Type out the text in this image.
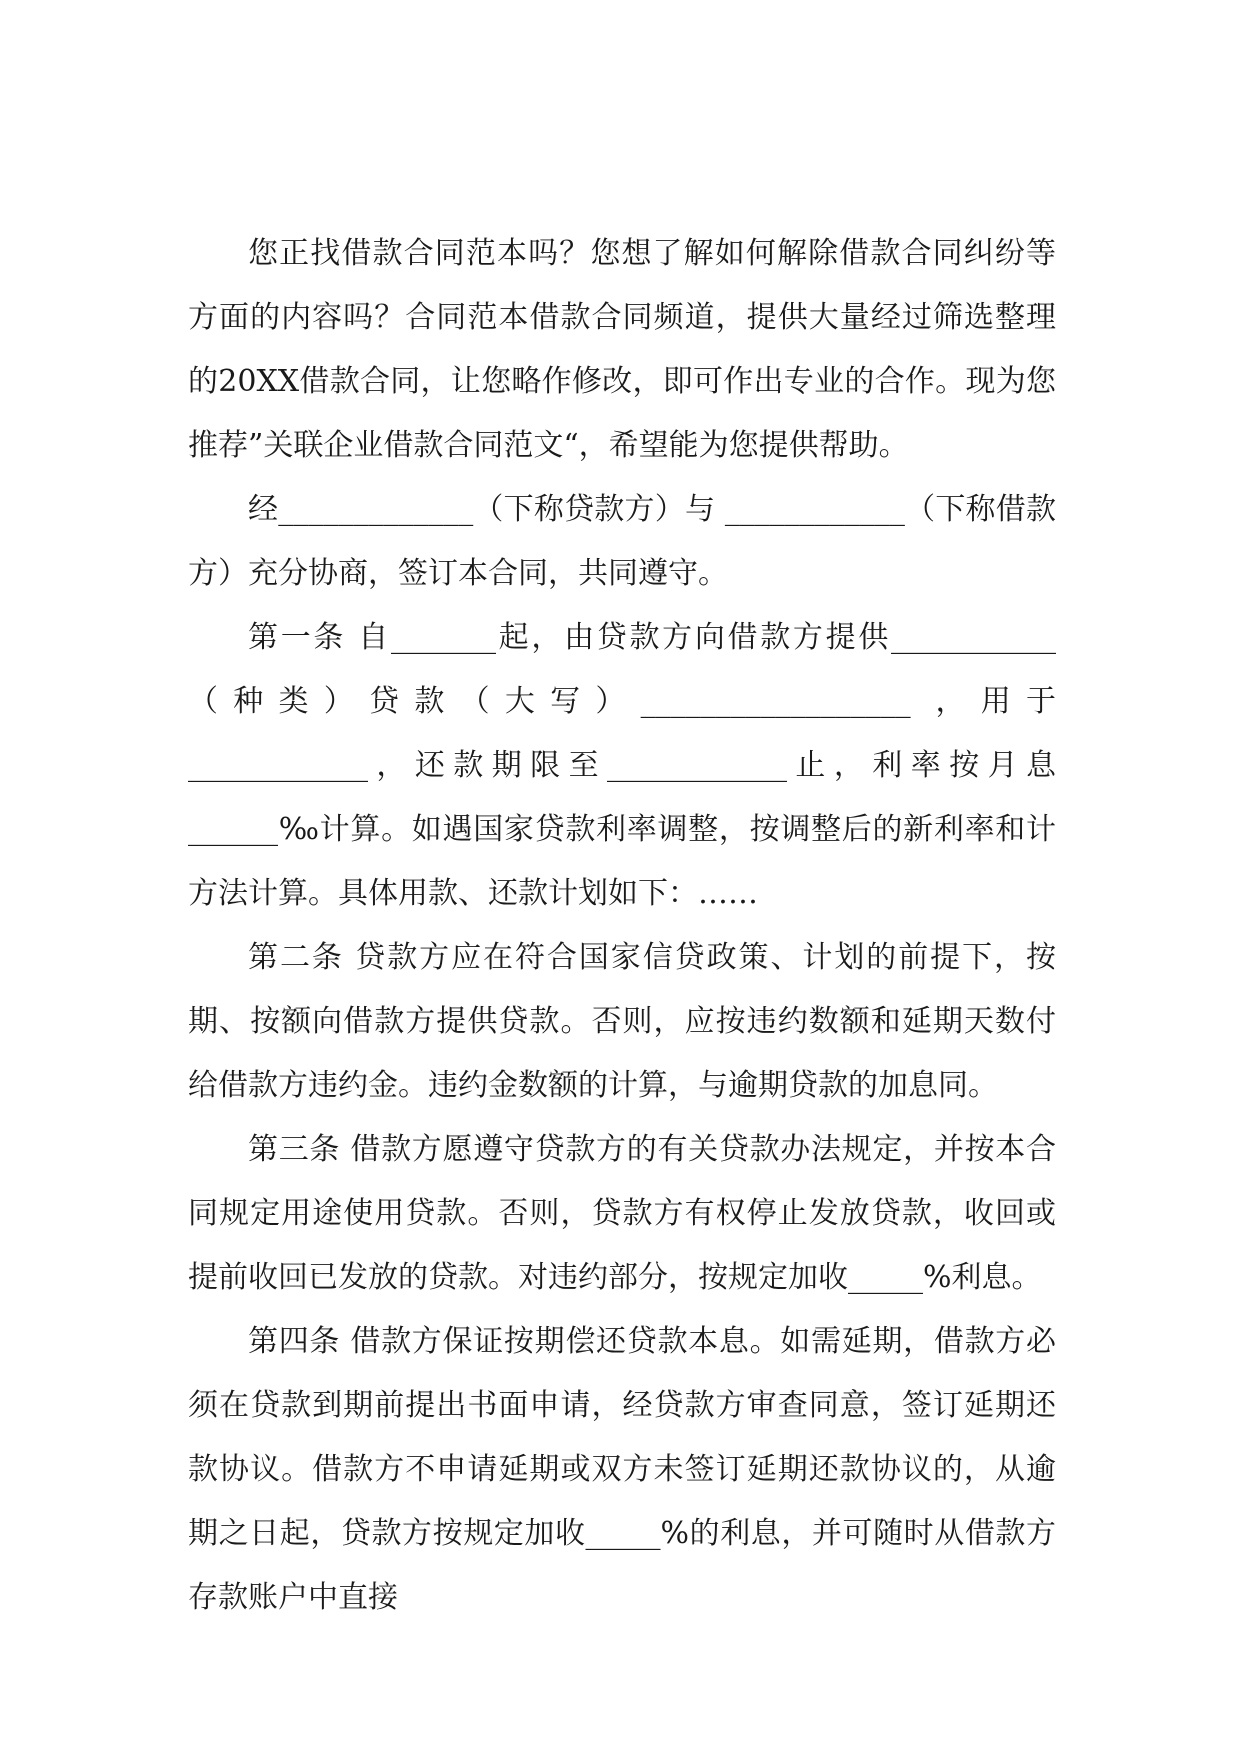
您正找借款合同范本吗？您想了解如何解除借款合同纠纷等方面的内容吗？合同范本借款合同频道，提供大量经过筛选整理的20XX借款合同，让您略作修改，即可作出专业的合作。现为您推荐”关联企业借款合同范文“，希望能为您提供帮助。

经_____________（下称贷款方）与 ____________（下称借款方）充分协商，签订本合同，共同遵守。

第一条 自_______起，由贷款方向借款方提供___________（种类）贷款（大写）__________________ ，用于____________，还款期限至____________止，利率按月息______‰计算。如遇国家贷款利率调整，按调整后的新利率和计方法计算。具体用款、还款计划如下：……

第二条 贷款方应在符合国家信贷政策、计划的前提下，按期、按额向借款方提供贷款。否则，应按违约数额和延期天数付给借款方违约金。违约金数额的计算，与逾期贷款的加息同。

第三条 借款方愿遵守贷款方的有关贷款办法规定，并按本合同规定用途使用贷款。否则，贷款方有权停止发放贷款，收回或提前收回已发放的贷款。对违约部分，按规定加收_____%利息。

第四条 借款方保证按期偿还贷款本息。如需延期，借款方必须在贷款到期前提出书面申请，经贷款方审查同意，签订延期还款协议。借款方不申请延期或双方未签订延期还款协议的，从逾期之日起，贷款方按规定加收_____%的利息，并可随时从借款方存款账户中直接
